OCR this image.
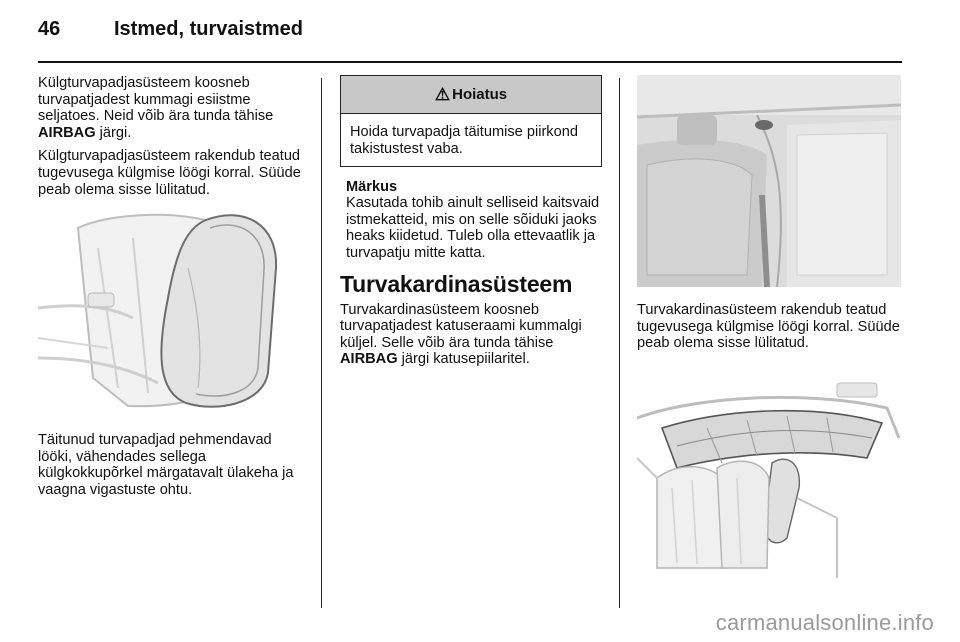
46	Istmed, turvaistmed

Külgturvapadjasüsteem koosneb turvapatjadest kummagi esiistme seljatoes. Neid võib ära tunda tähise AIRBAG järgi.

Külgturvapadjasüsteem rakendub teatud tugevusega külgmise löögi korral. Süüde peab olema sisse lülitatud.

Täitunud turvapadjad pehmendavad lööki, vähendades sellega külgkokkupõrkel märgatavalt ülakeha ja vaagna vigastuste ohtu.

⚠ Hoiatus
Hoida turvapadja täitumise piirkond takistustest vaba.
Märkus
Kasutada tohib ainult selliseid kaitsvaid istmekatteid, mis on selle sõiduki jaoks heaks kiidetud. Tuleb olla ettevaatlik ja turvapatju mitte katta.
Turvakardinasüsteem

Turvakardinasüsteem koosneb turvapatjadest katuseraami kummalgi küljel. Selle võib ära tunda tähise AIRBAG järgi katusepiilaritel.

Turvakardinasüsteem rakendub teatud tugevusega külgmise löögi korral. Süüde peab olema sisse lülitatud.

carmanualsonline.info
